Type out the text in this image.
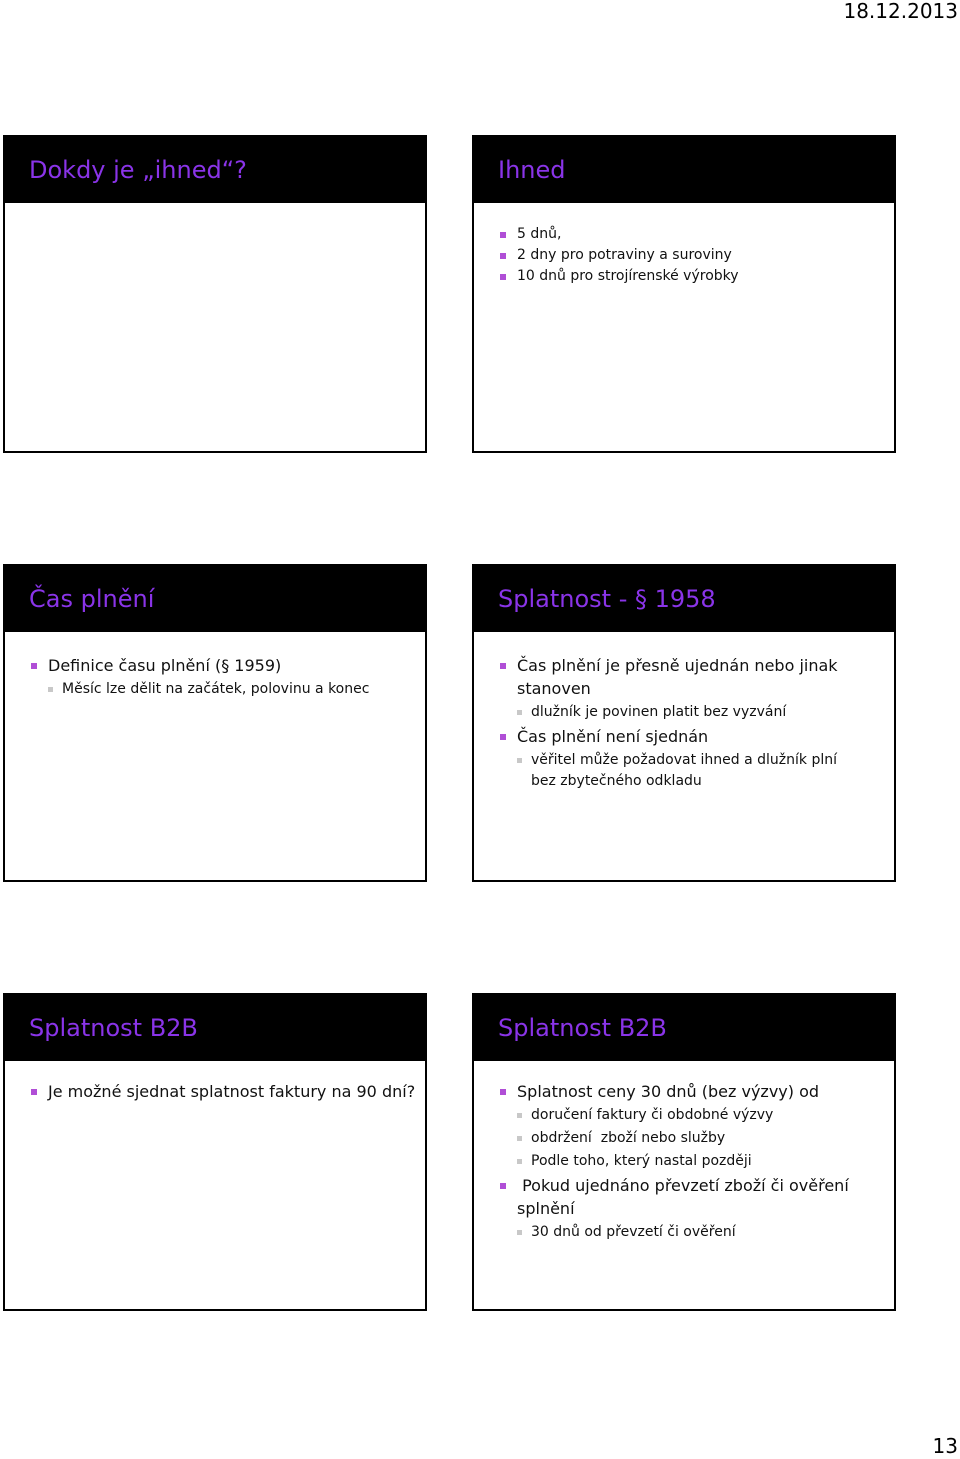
18.12.2013
Dokdy je „ihned“?	Ihned
5 dnů,
2 dny pro potraviny a suroviny
10 dnů pro strojírenské výrobky
Čas plnění
Definice času plnění (§ 1959)
Měsíc lze dělit na začátek, polovinu a konec
Splatnost - § 1958
Čas plnění je přesně ujednán nebo jinak stanoven
dlužník je povinen platit bez vyzvání
Čas plnění není sjednán
věřitel může požadovat ihned a dlužník plní bez zbytečného odkladu
Splatnost B2B
Je možné sjednat splatnost faktury na 90 dní?
Splatnost B2B
Splatnost ceny 30 dnů (bez výzvy) od
doručení faktury či obdobné výzvy
obdržení  zboží nebo služby
Podle toho, který nastal později
Pokud ujednáno převzetí zboží či ověření splnění
30 dnů od převzetí či ověření
13
